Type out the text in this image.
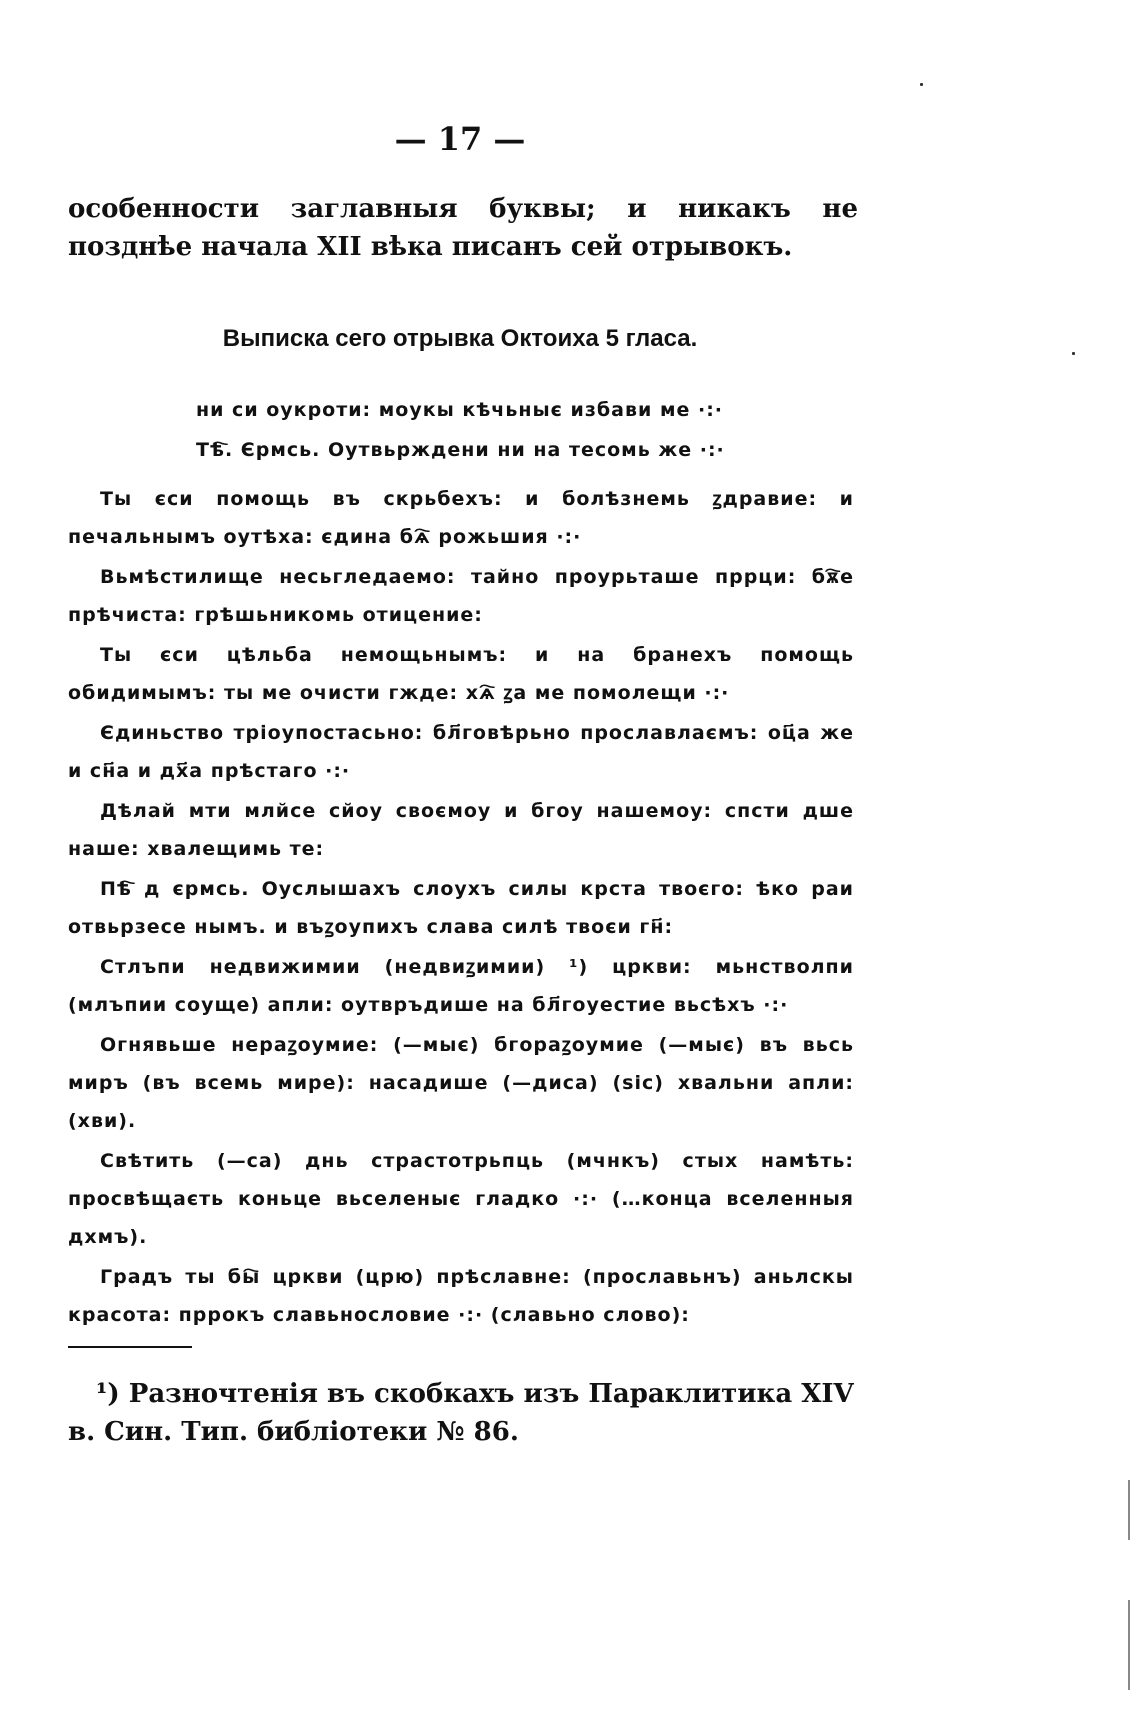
— 17 —

особенности заглавныя буквы; и никакъ не позднѣе начала XII вѣка писанъ сей отрывокъ.

Выписка сего отрывка Октоиха 5 гласа.
ни си оукроти: моукы кѣчьныє избави ме ·:·
Тѣ҇. Єрмсь. Оутвьрждени ни на тесомь же ·:·

Ты єси помощь въ скрьбехъ: и болѣзнемь ꙁдравие: и печальнымъ оутѣха: єдина бѧ҇ рожьшия ·:·

Вьмѣстилище несьгледаемо: тайно проурьташе пррци: бѫ҇е прѣчиста: грѣшьникомь отицение:

Ты єси цѣльба немощьнымъ: и на бранехъ помощь обидимымъ: ты ме очисти гжде: хѧ҇ ꙁа ме помолещи ·:·

Єдиньство тріоупостасьно: бл҃говѣрьно прославлаємъ: оц҃а же и сн҃а и дх҃а прѣстаго ·:·

Дѣлай мти млйсе сйоу своємоу и бгоу нашемоу: спсти дше наше: хвалещимь те:

Пѣ҇ д єрмсь. Оуслышахъ слоухъ силы крста твоєго: ѣко раи отвьрзесе нымъ. и въꙁоупихъ слава силѣ твоєи гн҃:

Стлъпи недвижимии (недвиꙁимии) ¹) цркви: мьнстволпи (млъпии соуще) апли: оутвръдише на бл҃гоуестие вьсѣхъ ·:·

Огнявьше нераꙁоумие: (—мыє) бгораꙁоумие (—мыє) въ вьсь миръ (въ всемь мире): насадише (—диса) (sic) хвальни апли: (хви).

Свѣтить (—са) днь страстотрьпць (мчнкъ) стых намѣть: просвѣщаєть коньце вьселеныє гладко ·:· (…конца вселенныя дхмъ).

Градъ ты бы҇ цркви (црю) прѣславне: (прославьнъ) аньлскы красота: пррокъ славьнословие ·:· (славьно слово):

¹) Разночтенія въ скобкахъ изъ Параклитика XIV в. Син. Тип. библіотеки № 86.
